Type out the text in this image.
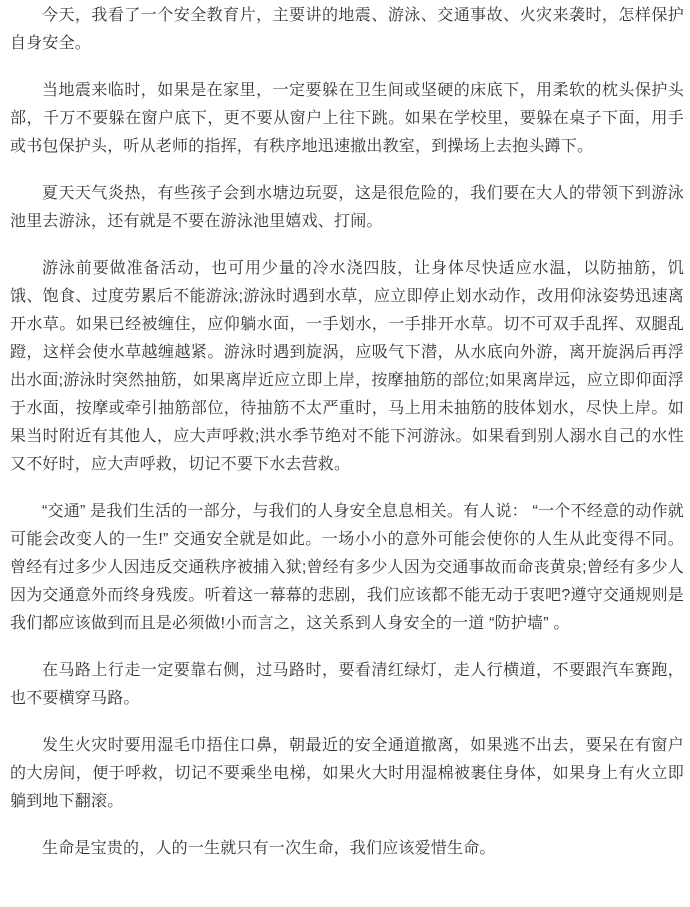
今天，我看了一个安全教育片，主要讲的地震、游泳、交通事故、火灾来袭时，怎样保护自身安全。

当地震来临时，如果是在家里，一定要躲在卫生间或坚硬的床底下，用柔软的枕头保护头部，千万不要躲在窗户底下，更不要从窗户上往下跳。如果在学校里，要躲在桌子下面，用手或书包保护头，听从老师的指挥，有秩序地迅速撤出教室，到操场上去抱头蹲下。

夏天天气炎热，有些孩子会到水塘边玩耍，这是很危险的，我们要在大人的带领下到游泳池里去游泳，还有就是不要在游泳池里嬉戏、打闹。

游泳前要做准备活动，也可用少量的冷水浇四肢，让身体尽快适应水温，以防抽筋，饥饿、饱食、过度劳累后不能游泳;游泳时遇到水草，应立即停止划水动作，改用仰泳姿势迅速离开水草。如果已经被缠住，应仰躺水面，一手划水，一手排开水草。切不可双手乱挥、双腿乱蹬，这样会使水草越缠越紧。游泳时遇到旋涡，应吸气下潜，从水底向外游，离开旋涡后再浮出水面;游泳时突然抽筋，如果离岸近应立即上岸，按摩抽筋的部位;如果离岸远，应立即仰面浮于水面，按摩或牵引抽筋部位，待抽筋不太严重时，马上用未抽筋的肢体划水，尽快上岸。如果当时附近有其他人，应大声呼救;洪水季节绝对不能下河游泳。如果看到别人溺水自己的水性又不好时，应大声呼救，切记不要下水去营救。

“交通” 是我们生活的一部分，与我们的人身安全息息相关。有人说： “一个不经意的动作就可能会改变人的一生!” 交通安全就是如此。一场小小的意外可能会使你的人生从此变得不同。曾经有过多少人因违反交通秩序被捕入狱;曾经有多少人因为交通事故而命丧黄泉;曾经有多少人因为交通意外而终身残废。听着这一幕幕的悲剧，我们应该都不能无动于衷吧?遵守交通规则是我们都应该做到而且是必须做!小而言之，这关系到人身安全的一道 “防护墙” 。

在马路上行走一定要靠右侧，过马路时，要看清红绿灯，走人行横道，不要跟汽车赛跑，也不要横穿马路。

发生火灾时要用湿毛巾捂住口鼻，朝最近的安全通道撤离，如果逃不出去，要呆在有窗户的大房间，便于呼救，切记不要乘坐电梯，如果火大时用湿棉被裹住身体，如果身上有火立即躺到地下翻滚。

生命是宝贵的，人的一生就只有一次生命，我们应该爱惜生命。
